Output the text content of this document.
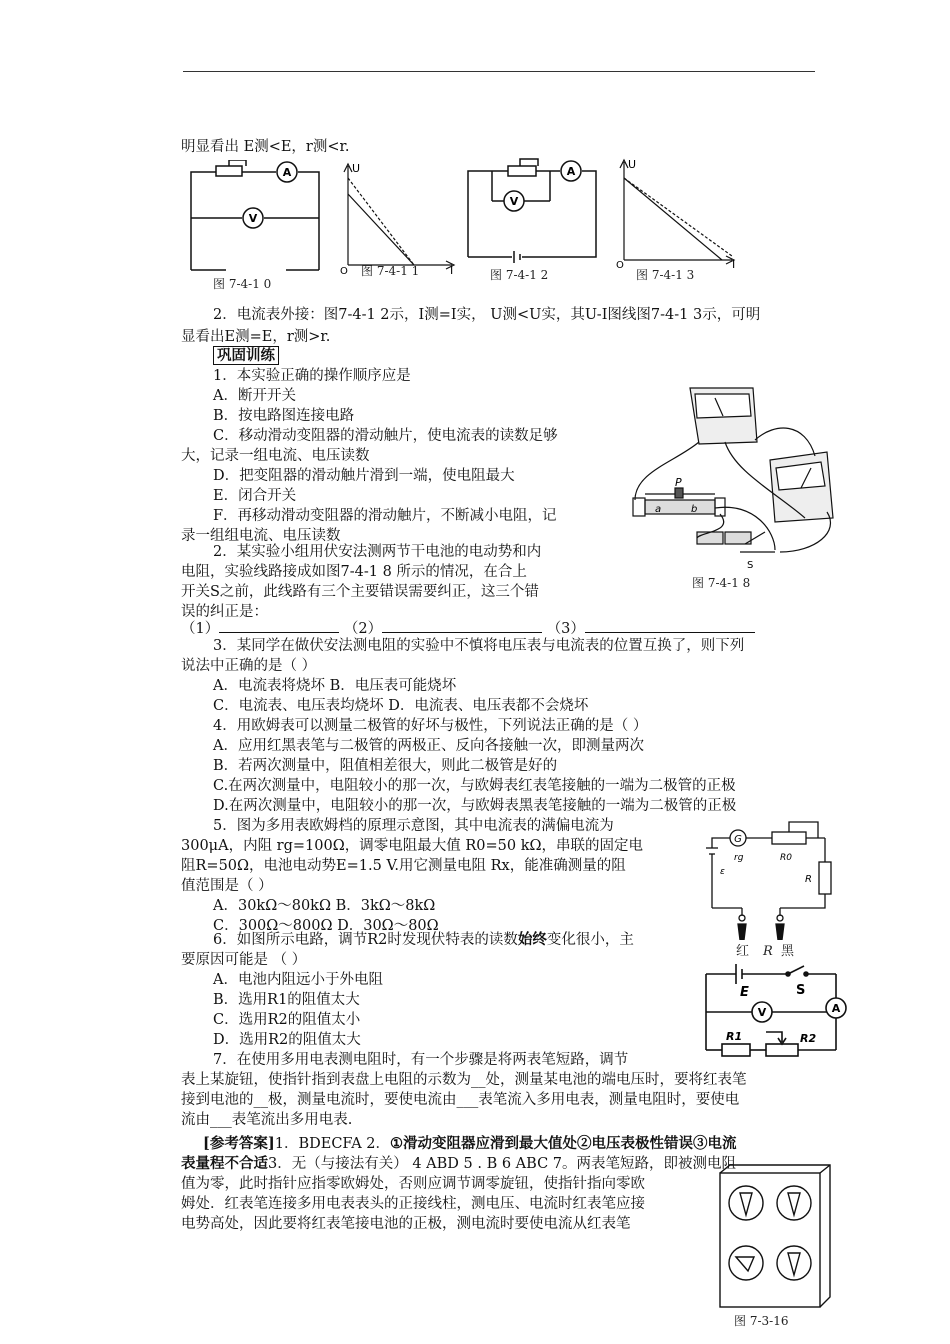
明显看出 E测<E，r测<r.
A
V
图 7-4-1 0
U
I
O 图 7-4-1 1
A
V
图 7-4-1 2
U
I
O
图 7-4-1 3
2．电流表外接：图7-4-1 2示，I测=I实， U测<U实，其U-I图线图7-4-1 3示，可明
显看出E测=E，r测>r.
巩固训练
1．本实验正确的操作顺序应是
A．断开开关
B．按电路图连接电路
C．移动滑动变阻器的滑动触片，使电流表的读数足够
大，记录一组电流、电压读数
D．把变阻器的滑动触片滑到一端，使电阻最大
E．闭合开关
F．再移动滑动变阻器的滑动触片，不断减小电阻，记
录一组组电流、电压读数
P
a	b
S
图 7-4-1 8
2．某实验小组用伏安法测两节干电池的电动势和内
电阻，实验线路接成如图7-4-1 8 所示的情况，在合上
开关S之前，此线路有三个主要错误需要纠正，这三个错
误的纠正是：
（1）	（2）	（3）
3．某同学在做伏安法测电阻的实验中不慎将电压表与电流表的位置互换了，则下列
说法中正确的是（ ）
A．电流表将烧坏 B．电压表可能烧坏
C．电流表、电压表均烧坏 D．电流表、电压表都不会烧坏
4．用欧姆表可以测量二极管的好坏与极性，下列说法正确的是（ ）
A．应用红黑表笔与二极管的两极正、反向各接触一次，即测量两次
B．若两次测量中，阻值相差很大，则此二极管是好的
C.在两次测量中，电阻较小的那一次，与欧姆表红表笔接触的一端为二极管的正极
D.在两次测量中，电阻较小的那一次，与欧姆表黑表笔接触的一端为二极管的正极
5．图为多用表欧姆档的原理示意图，其中电流表的满偏电流为
300μA，内阻 rg=100Ω，调零电阻最大值 R0=50 kΩ，串联的固定电
阻R=50Ω，电池电动势E=1.5 V.用它测量电阻 Rx，能准确测量的阻
值范围是（ ）
A．30kΩ～80kΩ B．3kΩ～8kΩ
C．300Ω～800Ω D．30Ω～80Ω
G
rg	R0
R
ε
红 黑
R
6．如图所示电路，调节R2时发现伏特表的读数始终变化很小，主
要原因可能是 （ ）
A．电池内阻远小于外电阻
B．选用R1的阻值太大
C．选用R2的阻值太小
D．选用R2的阻值太大
E	S
V	A
R1	R2
7．在使用多用电表测电阻时，有一个步骤是将两表笔短路，调节
表上某旋钮，使指针指到表盘上电阻的示数为__处，测量某电池的端电压时，要将红表笔
接到电池的__极，测量电流时，要使电流由___表笔流入多用电表，测量电阻时，要使电
流由___表笔流出多用电表.
[参考答案]1．BDECFA 2．①滑动变阻器应滑到最大值处②电压表极性错误③电流
表量程不合适3．无（与接法有关） 4 ABD 5 . B 6 ABC 7。两表笔短路，即被测电阻
值为零，此时指针应指零欧姆处，否则应调节调零旋钮，使指针指向零欧
姆处．红表笔连接多用电表表头的正接线柱，测电压、电流时红表笔应接
电势高处，因此要将红表笔接电池的正极，测电流时要使电流从红表笔
图 7-3-16
